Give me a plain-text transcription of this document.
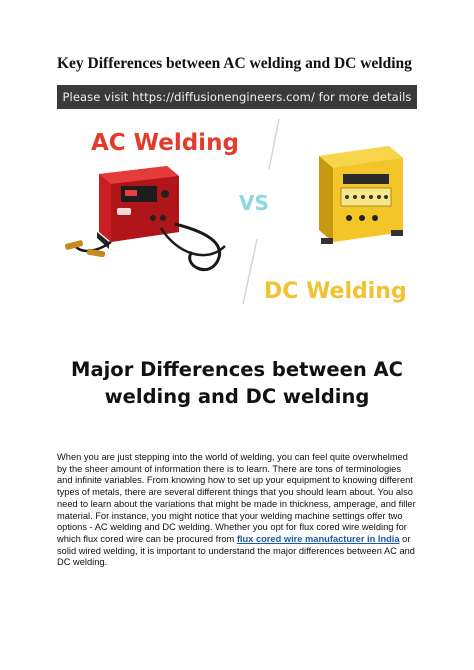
Key Differences between AC welding and DC welding
Please visit https://diffusionengineers.com/ for more details
AC Welding
VS
DC Welding
Major Differences between AC
welding and DC welding
When you are just stepping into the world of welding, you can feel quite overwhelmed by the sheer amount of information there is to learn. There are tons of terminologies and infinite variables. From knowing how to set up your equipment to knowing different types of metals, there are several different things that you should learn about. You also need to learn about the variations that might be made in thickness, amperage, and filler material. For instance, you might notice that your welding machine settings offer two options - AC welding and DC welding. Whether you opt for flux cored wire welding for which flux cored wire can be procured from flux cored wire manufacturer in India or solid wired welding, it is important to understand the major differences between AC and DC welding.
